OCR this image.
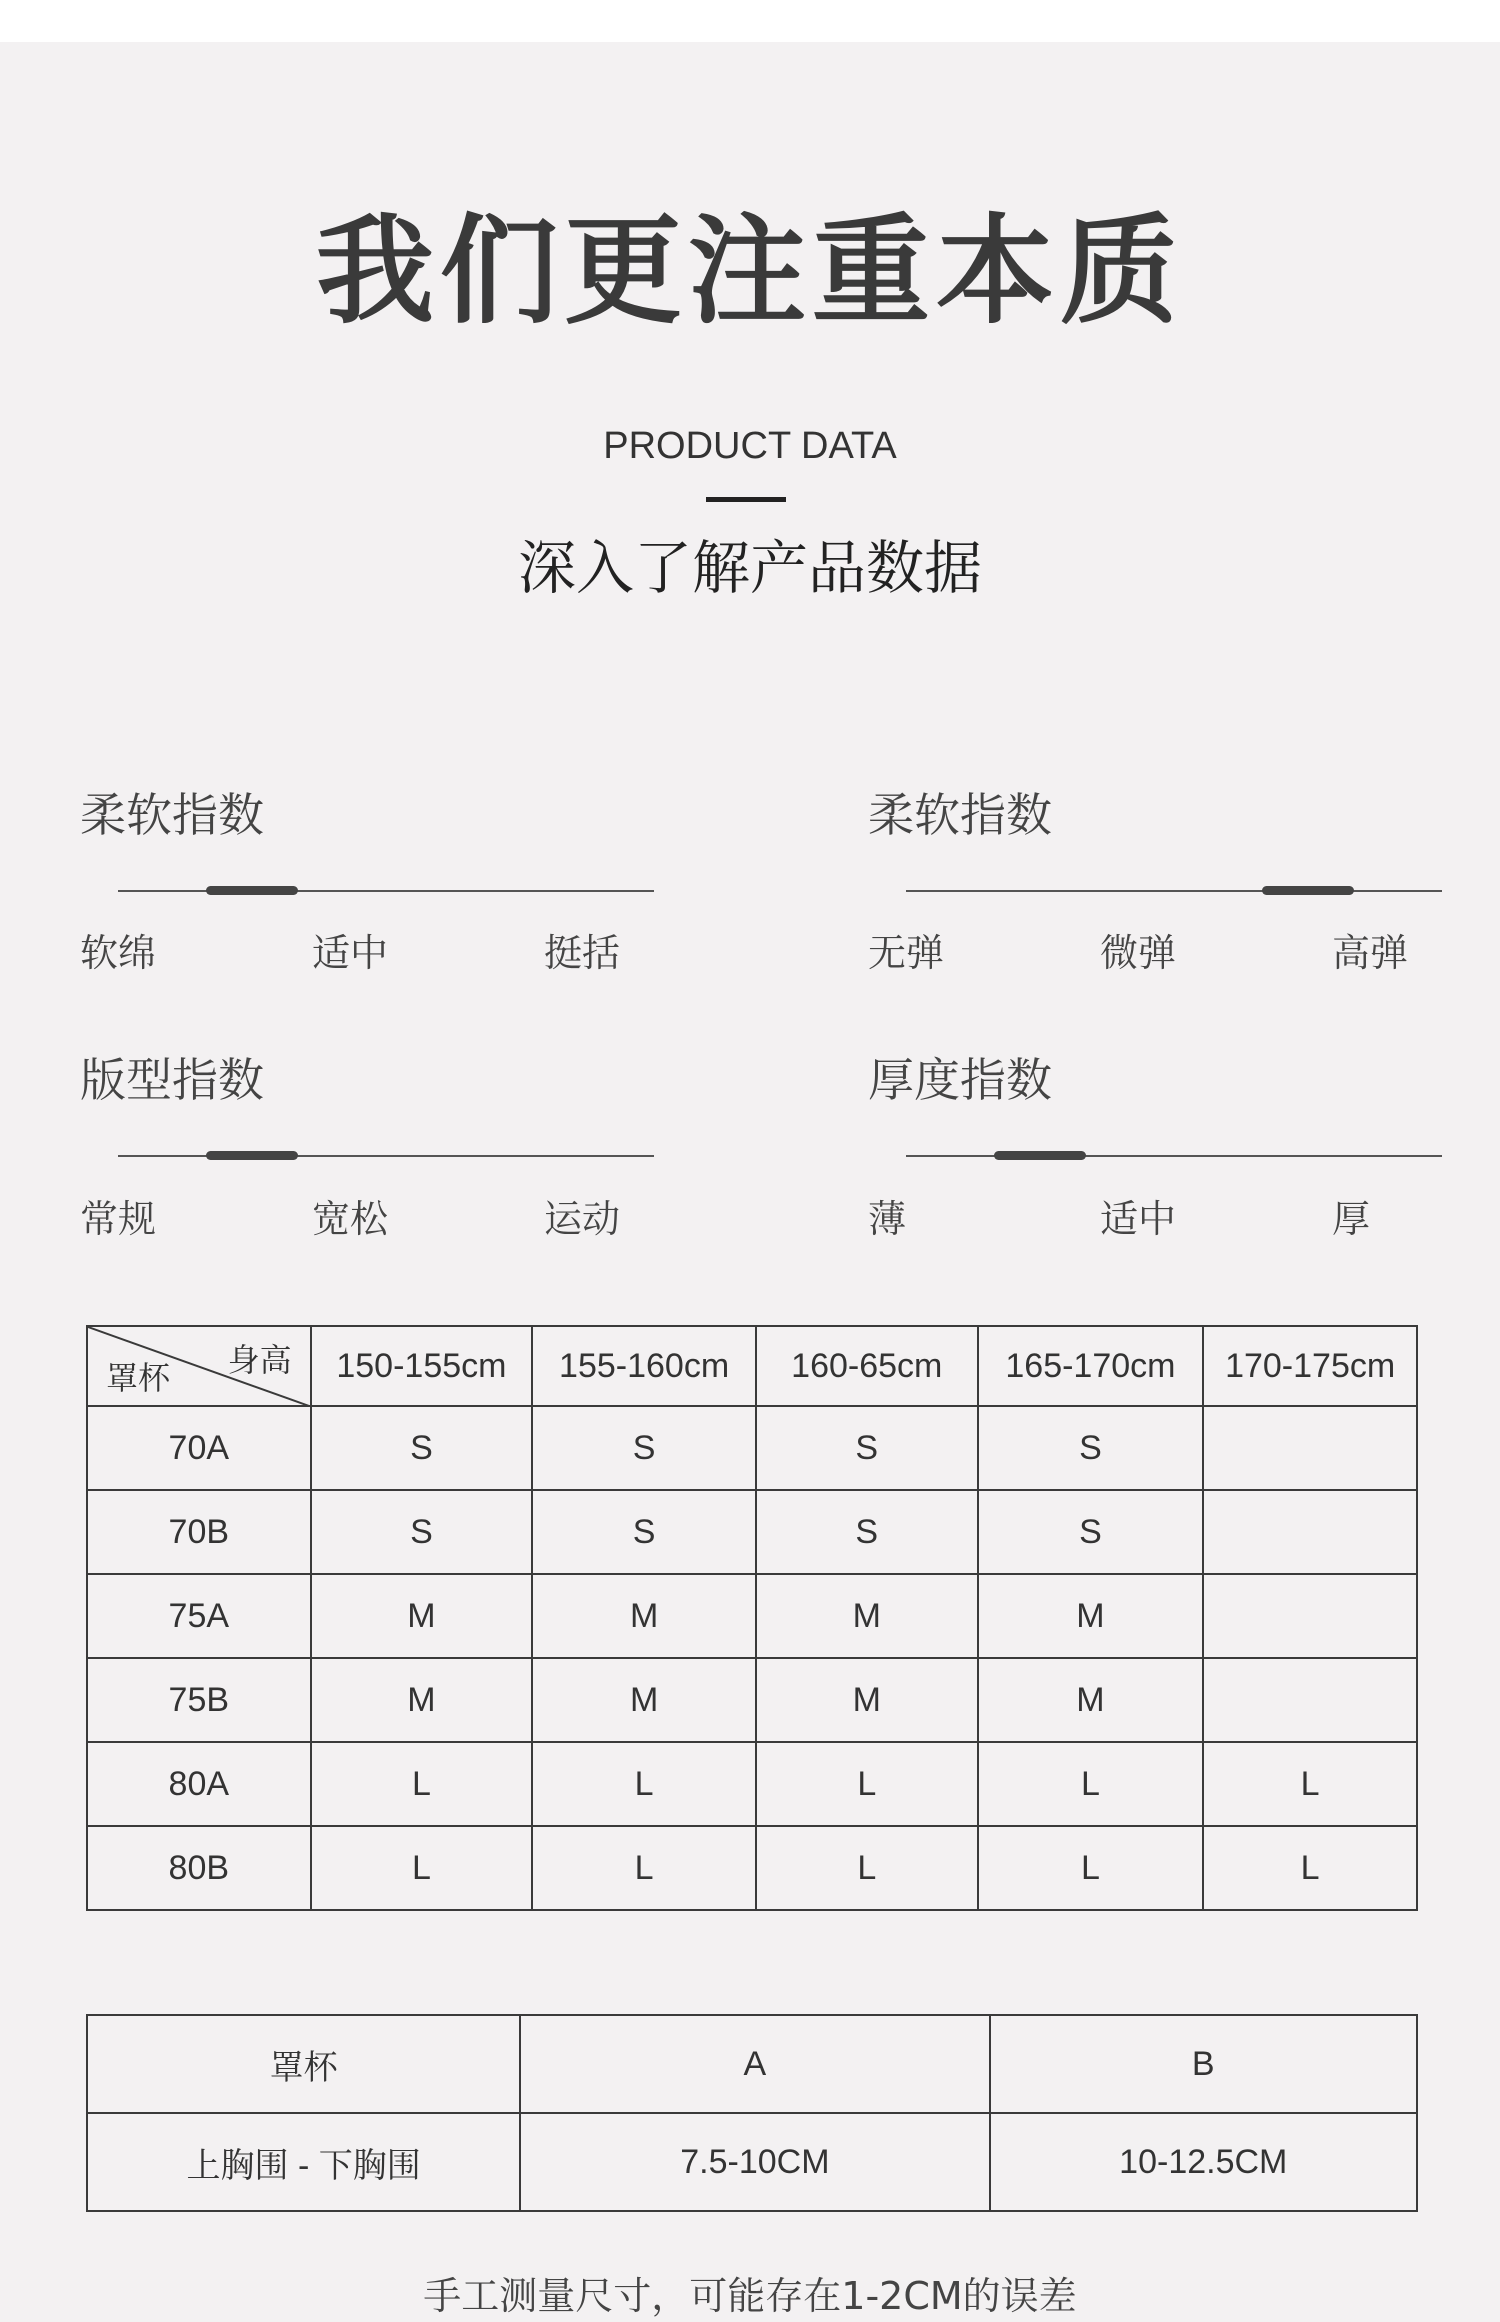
我们更注重本质
PRODUCT DATA
深入了解产品数据
柔软指数
软绵	适中	挺括
柔软指数
无弹	微弹	高弹
版型指数
常规	宽松	运动
厚度指数
薄	适中	厚
身高
罩杯	150-155cm	155-160cm	160-65cm	165-170cm	170-175cm
70A	S	S	S	S	
70B	S	S	S	S	
75A	M	M	M	M	
75B	M	M	M	M	
80A	L	L	L	L	L
80B	L	L	L	L	L
罩杯	A	B
上胸围 - 下胸围	7.5-10CM	10-12.5CM
手工测量尺寸，可能存在1-2CM的误差
